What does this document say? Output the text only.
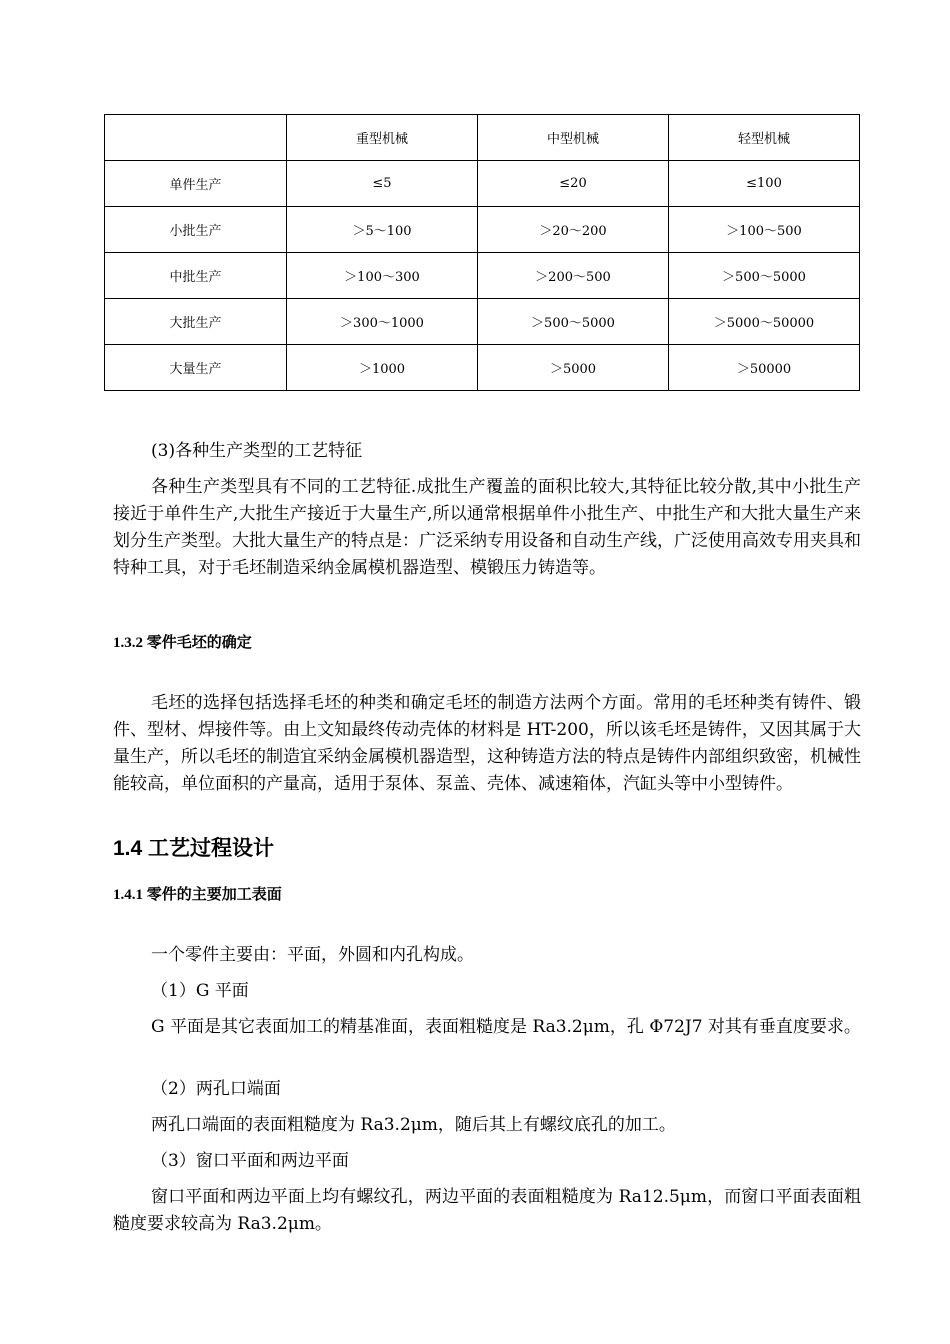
	重型机械	中型机械	轻型机械
单件生产	≤5	≤20	≤100
小批生产	＞5～100	＞20～200	＞100～500
中批生产	＞100～300	＞200～500	＞500～5000
大批生产	＞300～1000	＞500～5000	＞5000～50000
大量生产	＞1000	＞5000	＞50000
(3)各种生产类型的工艺特征
各种生产类型具有不同的工艺特征.成批生产覆盖的面积比较大,其特征比较分散,其中小批生产接近于单件生产,大批生产接近于大量生产,所以通常根据单件小批生产、中批生产和大批大量生产来划分生产类型。大批大量生产的特点是：广泛采纳专用设备和自动生产线，广泛使用高效专用夹具和特种工具，对于毛坯制造采纳金属模机器造型、模锻压力铸造等。
1.3.2 零件毛坯的确定
毛坯的选择包括选择毛坯的种类和确定毛坯的制造方法两个方面。常用的毛坯种类有铸件、锻件、型材、焊接件等。由上文知最终传动壳体的材料是 HT-200，所以该毛坯是铸件，又因其属于大量生产，所以毛坯的制造宜采纳金属模机器造型，这种铸造方法的特点是铸件内部组织致密，机械性能较高，单位面积的产量高，适用于泵体、泵盖、壳体、减速箱体，汽缸头等中小型铸件。
1.4 工艺过程设计
1.4.1 零件的主要加工表面
一个零件主要由：平面，外圆和内孔构成。
（1）G 平面
G 平面是其它表面加工的精基准面，表面粗糙度是 Ra3.2μm，孔 Φ72J7 对其有垂直度要求。
（2）两孔口端面
两孔口端面的表面粗糙度为 Ra3.2μm，随后其上有螺纹底孔的加工。
（3）窗口平面和两边平面
窗口平面和两边平面上均有螺纹孔，两边平面的表面粗糙度为 Ra12.5μm，而窗口平面表面粗糙度要求较高为 Ra3.2μm。
